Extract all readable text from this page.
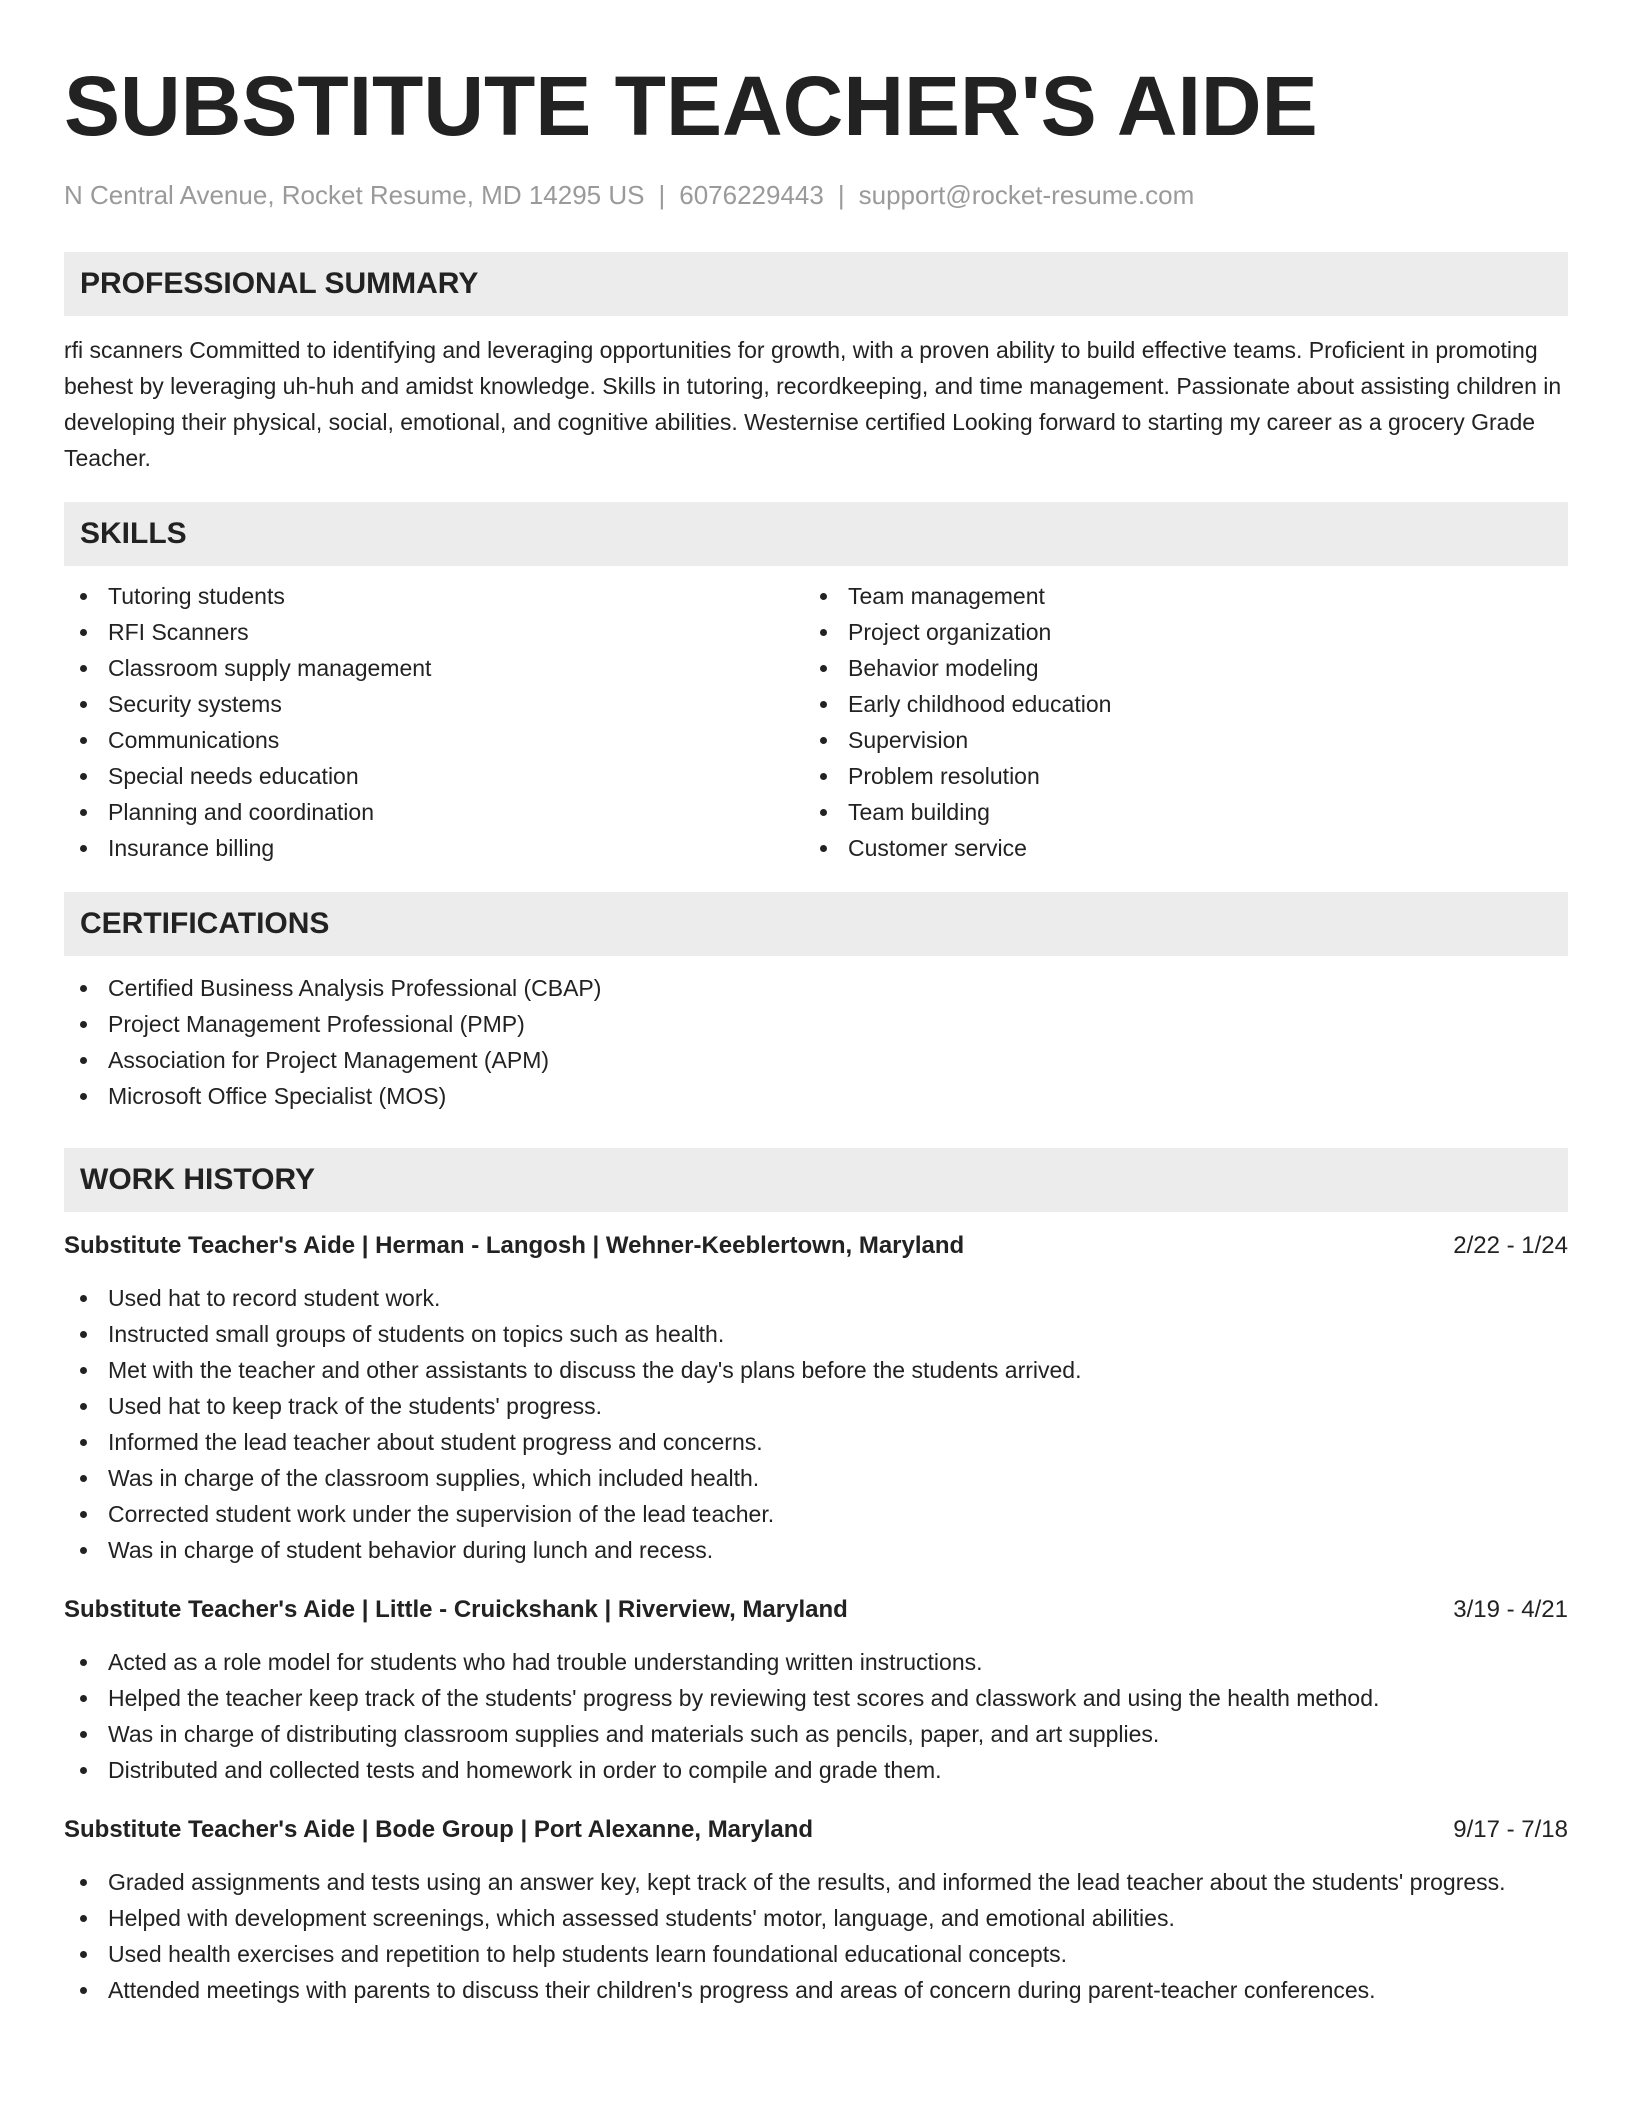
SUBSTITUTE TEACHER'S AIDE
N Central Avenue, Rocket Resume, MD 14295 US | 6076229443 | support@rocket-resume.com
PROFESSIONAL SUMMARY

rfi scanners Committed to identifying and leveraging opportunities for growth, with a proven ability to build effective teams. Proficient in promoting behest by leveraging uh-huh and amidst knowledge. Skills in tutoring, recordkeeping, and time management. Passionate about assisting children in developing their physical, social, emotional, and cognitive abilities. Westernise certified Looking forward to starting my career as a grocery Grade Teacher.

SKILLS
Tutoring students
RFI Scanners
Classroom supply management
Security systems
Communications
Special needs education
Planning and coordination
Insurance billing
Team management
Project organization
Behavior modeling
Early childhood education
Supervision
Problem resolution
Team building
Customer service
CERTIFICATIONS
Certified Business Analysis Professional (CBAP)
Project Management Professional (PMP)
Association for Project Management (APM)
Microsoft Office Specialist (MOS)
WORK HISTORY
Substitute Teacher's Aide | Herman - Langosh | Wehner-Keeblertown, Maryland	2/22 - 1/24
Used hat to record student work.
Instructed small groups of students on topics such as health.
Met with the teacher and other assistants to discuss the day's plans before the students arrived.
Used hat to keep track of the students' progress.
Informed the lead teacher about student progress and concerns.
Was in charge of the classroom supplies, which included health.
Corrected student work under the supervision of the lead teacher.
Was in charge of student behavior during lunch and recess.
Substitute Teacher's Aide | Little - Cruickshank | Riverview, Maryland	3/19 - 4/21
Acted as a role model for students who had trouble understanding written instructions.
Helped the teacher keep track of the students' progress by reviewing test scores and classwork and using the health method.
Was in charge of distributing classroom supplies and materials such as pencils, paper, and art supplies.
Distributed and collected tests and homework in order to compile and grade them.
Substitute Teacher's Aide | Bode Group | Port Alexanne, Maryland	9/17 - 7/18
Graded assignments and tests using an answer key, kept track of the results, and informed the lead teacher about the students' progress.
Helped with development screenings, which assessed students' motor, language, and emotional abilities.
Used health exercises and repetition to help students learn foundational educational concepts.
Attended meetings with parents to discuss their children's progress and areas of concern during parent-teacher conferences.
